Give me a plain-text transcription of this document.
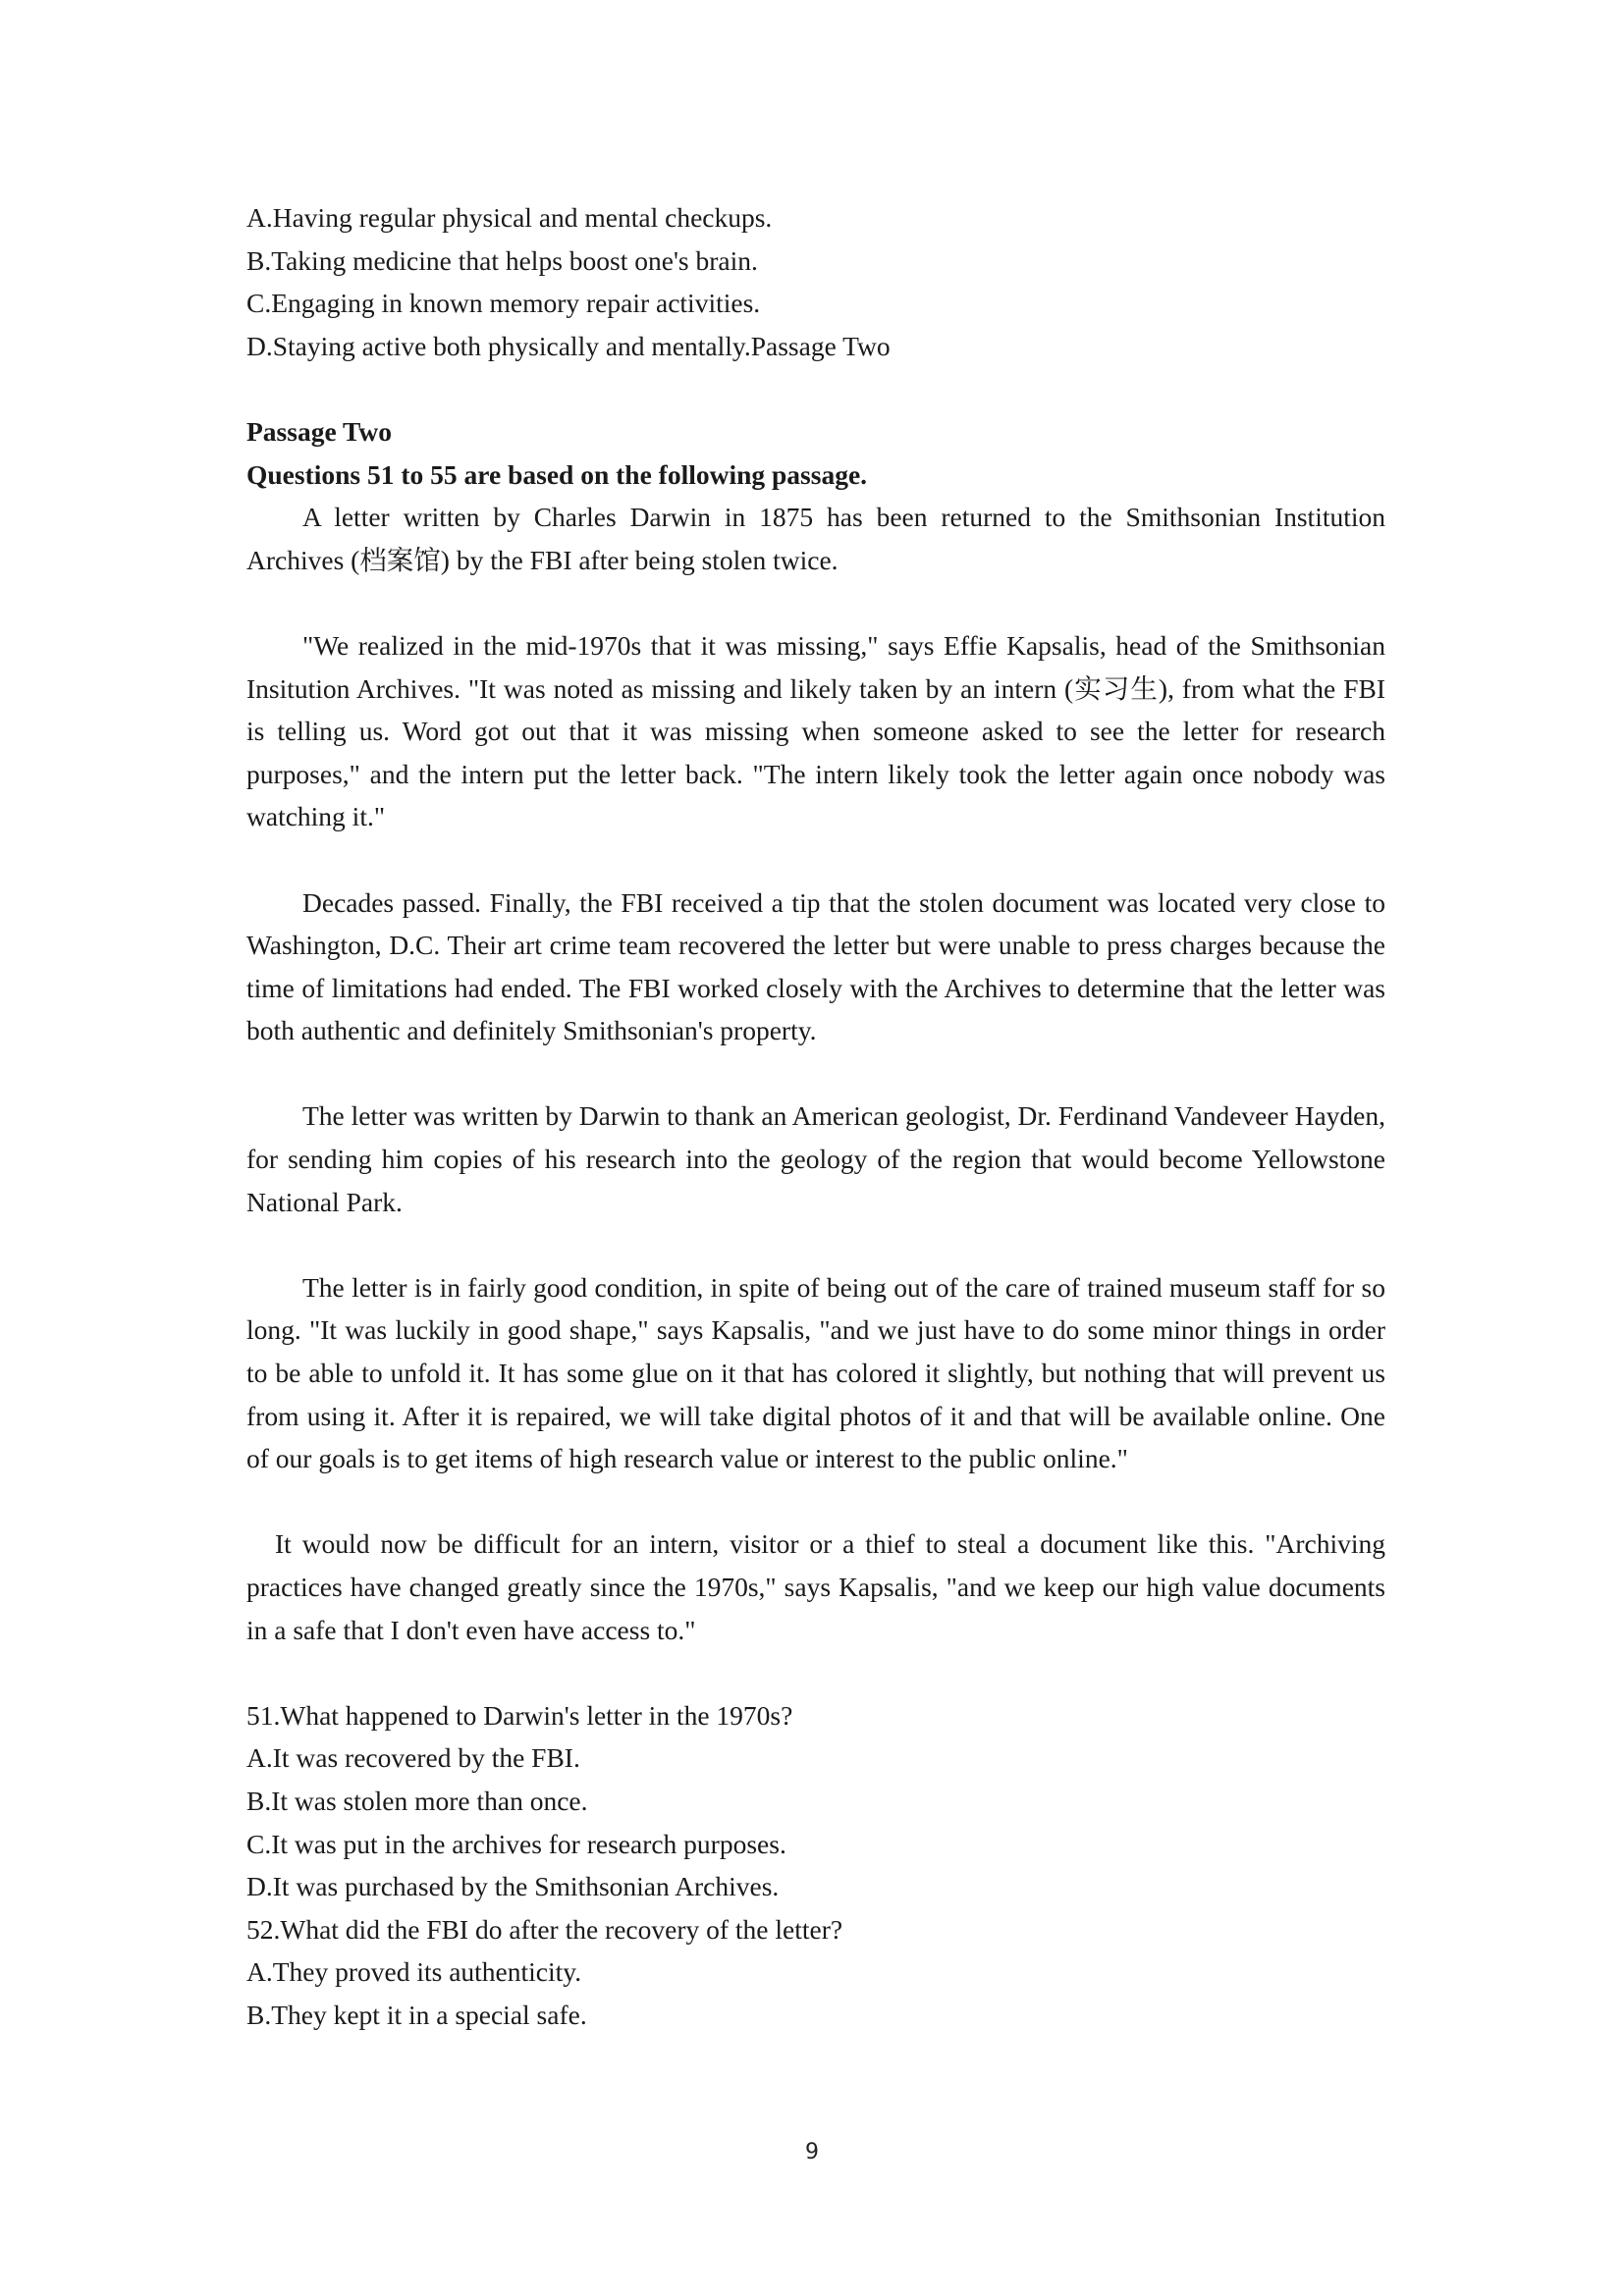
A.Having regular physical and mental checkups.
B.Taking medicine that helps boost one's brain.
C.Engaging in known memory repair activities.
D.Staying active both physically and mentally.Passage Two
Passage Two
Questions 51 to 55 are based on the following passage.

A letter written by Charles Darwin in 1875 has been returned to the Smithsonian Institution Archives (档案馆) by the FBI after being stolen twice.

"We realized in the mid-1970s that it was missing," says Effie Kapsalis, head of the Smithsonian Insitution Archives. "It was noted as missing and likely taken by an intern (实习生), from what the FBI is telling us. Word got out that it was missing when someone asked to see the letter for research purposes," and the intern put the letter back. "The intern likely took the letter again once nobody was watching it."

Decades passed. Finally, the FBI received a tip that the stolen document was located very close to Washington, D.C. Their art crime team recovered the letter but were unable to press charges because the time of limitations had ended. The FBI worked closely with the Archives to determine that the letter was both authentic and definitely Smithsonian's property.

The letter was written by Darwin to thank an American geologist, Dr. Ferdinand Vandeveer Hayden, for sending him copies of his research into the geology of the region that would become Yellowstone National Park.

The letter is in fairly good condition, in spite of being out of the care of trained museum staff for so long. "It was luckily in good shape," says Kapsalis, "and we just have to do some minor things in order to be able to unfold it. It has some glue on it that has colored it slightly, but nothing that will prevent us from using it. After it is repaired, we will take digital photos of it and that will be available online. One of our goals is to get items of high research value or interest to the public online."

It would now be difficult for an intern, visitor or a thief to steal a document like this. "Archiving practices have changed greatly since the 1970s," says Kapsalis, "and we keep our high value documents in a safe that I don't even have access to."

51.What happened to Darwin's letter in the 1970s?
A.It was recovered by the FBI.
B.It was stolen more than once.
C.It was put in the archives for research purposes.
D.It was purchased by the Smithsonian Archives.
52.What did the FBI do after the recovery of the letter?
A.They proved its authenticity.
B.They kept it in a special safe.
9
